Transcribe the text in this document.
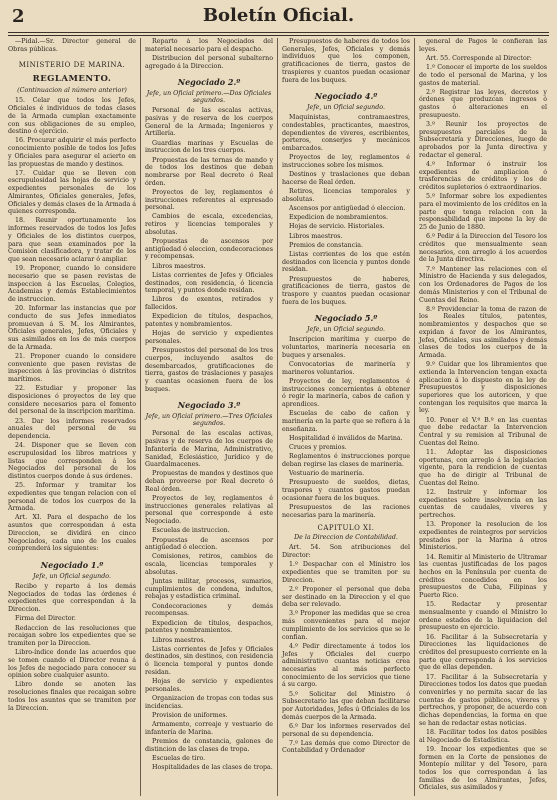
2	Boletín Oficial.

—Pidal.—Sr. Director general de Obras públicas.

MINISTERIO DE MARINA.
REGLAMENTO.
(Continuacion al número anterior)

15. Celar que todos los Jefes, Oficiales é individuos de todas clases de la Armada cumplan exactamente con sus obligaciones de su empleo, destino ó ejercicio.

16. Procurar adquirir el más perfecto conocimiento posible de todos los Jefes y Oficiales para asegurar el acierto en las propuestas de mando y destinos.

17. Cuidar que se lleven con escrupulosidad las hojas de servicio y expedientes personales de los Almirantes, Oficiales generales, Jefes, Oficiales y demás clases de la Armada á quienes corresponda.

18. Reunir oportunamente los informes reservados de todos los Jefes y Oficiales de los distintos cuerpos, para que sean examinados por la Comision clasificadora, y tratar de los que sean necesario aclarar ó ampliar.

19. Proponer, cuando lo considere necesario que se pasen revistas de inspeccion á las Escuelas, Colegios, Academias y demás Establecimientos de instruccion.

20. Informar las instancias que por conducto de sus Jefes inmediatos promuevan á S. M. los Almirantes, Oficiales generales, Jefes, Oficiales y sus asimilados en los de más cuerpos de la Armada.

21. Proponer cuando lo considere conveniente que pasen revistas de inspeccion á las provincias ó distritos marítimos.

22. Estudiar y proponer las disposiciones ó proyectos de ley que considere necesarios para el fomento del personal de la inscripcion marítima.

23. Dar los informes reservados anuales del personal de su dependencia.

24. Disponer que se lleven con escrupulosidad los libros matrices y listas que corresponden á los Negociados del personal de los distintos cuerpos donde á sus órdenes.

25. Informar y tramitar los expedientes que tengan relacion con el personal de todos los cuerpos de la Armada.

Art. XI. Para el despacho de los asuntos que correspondan á esta Direccion, se dividirá en cinco Negociados, cada uno de los cuales comprenderá los siguientes:

Negociado 1.º
Jefe, un Oficial segundo.

Recibo y reparto á los demás Negociados de todas las órdenes é expedientes que correspondan á la Direccion.

Firma del Director.

Redaccion de las resoluciones que recaigan sobre los expedientes que se tramiten por la Direccion.

Libro-índice donde las acuerdos que se tomen cuando el Director reuna á los Jefes de negociado para conocer su opinion sobre cualquier asunto.

Libro donde se anoten las resoluciones finales que recaigan sobre todos los asuntos que se tramiten por la Direccion.

Reparto á los Negociados del material necesario para el despacho.

Distribucion del personal subalterno agregado á la Direccion.

Negociado 2.º
Jefe, un Oficial primero.—Dos Oficiales segundos.

Personal de las escalas activas, pasivas y de reserva de los cuerpos General de la Armada; Ingenieros y Artillería.

Guardias marinas y Escuelas de instruccion de los tres cuerpos.

Propuestas de las ternas de mando y de todos los destinos que deban nombrarse por Real decreto ó Real órden.

Proyectos de ley, reglamentos é instrucciones referentes al expresado personal.

Cambios de escala, excedencias, retiros y licencias temporales y absolutas.

Propuestas de ascensos por antigüedad ó eleccion, condecoraciones y recompensas.

Libros maestros.

Listas corrientes de Jefes y Oficiales destinados, con residencia, ó licencia temporal, y puntos donde residan.

Libros de exentos, retirados y fallecidos.

Expedicion de títulos, despachos, patentes y nombramientos.

Hojas de servicio y expedientes personales.

Presupuestos del personal de los tres cuerpos, incluyendo asaltos de desembarcados, gratificaciones de tierra, gastos de traslaciones y pasajes y cuantas ocasionen fuera de los buques.

Negociado 3.º
Jefe, un Oficial primero.—Tres Oficiales segundos.

Personal de las escalas activas, pasivas y de reserva de los cuerpos de Infantería de Marina, Administrativo, Sanidad, Eclesiástico, Jurídico y de Guardalmacenes.

Propuestas de mandos y destinos que deban proveerse por Real decreto ó Real órden.

Proyectos de ley, reglamentos é instrucciones generales relativas al personal que corresponde á este Negociado.

Escuelas de instruccion.

Propuestas de ascensos por antigüedad ó eleccion.

Comisiones, retiros, cambios de escala, licencias temporales y absolutas.

Juntas militar, procesos, sumarios, cumplimientos de condena, indultos, rebajas y estadística criminal.

Condecoraciones y demás recompensas.

Expedicion de títulos, despachos, patentes y nombramientos.

Libros maestros.

Listas corrientes de Jefes y Oficiales destinados, sin destinos, con residencia ó licencia temporal y puntos donde residan.

Hojas de servicio y expedientes personales.

Organizacion de tropas con todas sus incidencias.

Provision de uniformes.

Armamento, correaje y vestuario de infantería de Marina.

Premios de constancia, galones de distincion de las clases de tropa.

Escuelas de tiro.

Hospitalidades de las clases de tropa.

Presupuestos de haberes de todos los Generales, Jefes, Oficiales y demás individuos que los componen, gratificaciones de tierra, gastos de traspieres y cuantos puedan ocasionar fuera de los buques.

Negociado 4.º
Jefe, un Oficial segundo.

Maquinistas, contramaestres, condestables, practicantes, maestros, dependientes de viveres, escribientes, porteros, conserjes y mecánicos embarcados.

Proyectos de ley, reglamentos é instrucciones sobre los mismos.

Destinos y traslaciones que deban hacerse de Real órden.

Retiros, licencias temporales y absolutas.

Ascensos por antigüedad ó eleccion.

Expedicion de nombramientos.

Hojas de servicio. Historiales.

Libros maestros.

Premios de constancia.

Listas corrientes de los que estén destinados con licencia y puntos donde residan.

Presupuestos de haberes, gratificaciones de tierra, gastos de traspore y cuantos puedan ocasionar fuera de los buques.

Negociado 5.º
Jefe, un Oficial segundo.

Inscripcion marítima y cuerpo de voluntarios, marinería necesaria en buques y arsenales.

Convocatorias de marinería y marineros voluntarios.

Proyectos de ley, reglamentos é instrucciones concernientes á obtener ó regir la marinería, cabos de cañon y aprendices.

Escuelas de cabo de cañon y marinería en la parte que se refiera á la enseñanza.

Hospitalidad é inválidos de Marina.

Cruces y premios.

Reglamentos é instrucciones porque deban regirse las clases de marinería.

Vestuario de marinería.

Presupuesto de sueldos, dietas, traspores y cuantos gastos puedan ocasionar fuera de los buques.

Presupuestos de las raciones necesarias para la marinería.

CAPITULO XI.
De la Direccion de Contabilidad.

Art. 54. Son atribuciones del Director:

1.º Despachar con el Ministro los expedientes que se tramiten por su Direccion.

2.º Proponer el personal que deba ser destinado en la Direccion y el que deba ser relevado.

3.º Proponer las medidas que se crea más convenientes para el mejor cumplimiento de los servicios que se le confian.

4.º Pedir directamente á todos los Jefes y Oficiales del cuerpo administrativo cuantas noticias crea necesarias al más perfecto conocimiento de los servicios que tiene á su cargo.

5.º Solicitar del Ministro ó Subsecretario las que deban facilitarse por Autoridades, Jefes ú Oficiales de los demás cuerpos de la Armada.

6.º Dar los informes reservados del personal de su dependencia.

7.º Las demás que como Director de Contabilidad y Ordenador

general de Pagos le confieran las leyes.

Art. 55. Corresponde al Director:

1.º Conocer el importe de los sueldos de todo el personal de Marina, y los gastos de material.

2.º Registrar las leyes, decretos y órdenes que produzcan ingresos ó gastos ó alteraciones en el presupuesto.

3.º Reunir los proyectos de presupuestos parciales de la Subsecretaría y Direcciones, luego de aprobados por la Junta directiva y redactar el general.

4.º Informar ó instruir los expedientes de ampliacion ó trasferencias de créditos y los de créditos supletorios ó extraordinarios.

5.º Informar sobre los expedientes para el movimiento de los créditos en la parte que tenga relacion con la responsabilidad que impone la ley de 25 de Junio de 1880.

6.º Pedir á la Direccion del Tesoro los créditos que mensualmente sean necesarios, con arreglo á los acuerdos de la Junta directiva.

7.º Mantener las relaciones con el Ministro de Hacienda y sus delegados, con los Ordenadores de Pagos de los demás Ministerios y con el Tribunal de Cuentas del Reino.

8.º Providenciar la toma de razon de los Reales títulos, patentes, nombramientos y despachos que se expidan á favor de los Almirantes, Jefes, Oficiales, sus asimilados y demás clases de todos los cuerpos de la Armada.

9.º Cuidar que los libramientos que extienda la Intervencion tengan exacta aplicacion á lo dispuesto en la ley de Presupuestos y disposiciones superiores que los autoricen, y que contengan los requisitos que marca la ley.

10. Poner el V.º B.º en las cuentas que debe redactar la Intervencion Central y su remision al Tribunal de Cuentas del Reino.

11. Adoptar las disposiciones oportunas, con arreglo á la legislacion vigente, para la rendicion de cuentas que ha de dirigir al Tribunal de Cuentas del Reino.

12. Instruir y informar los expedientes sobre insolvencia en las cuentas de caudales, viveres y pertrechos.

13. Proponer la resolucion de los expedientes de reintegros por servicios prestados por la Marina á otros Ministerios.

14. Remitir al Ministerio de Ultramar las cuentas justificadas de los pagos hechos en la Península por cuenta de créditos concedidos en los presupuestos de Cuba, Filipinas y Puerto Rico.

15. Redactar y presentar mensualmente y cuando el Ministro lo ordene estados de la liquidacion del presupuesto en ejercicio.

16. Facilitar á la Subsecretaría y Direcciones las liquidaciones de créditos del presupuesto corriente en la parte que corresponda á los servicios que de ellas dependen.

17. Facilitar á la Subsecretaría y Direcciones todos los datos que puedan convenirles y no permita sacar de las cuentas de gastos públicos, viveres y pertrechos, y proponer, de acuerdo con dichas dependencias, la forma en que se han de redactar estas noticias.

18. Facilitar todos los datos posibles al Negociado de Estadística.

19. Incoar los expedientes que se formen en la Corte de pensiones de Montepío militar y del Tesoro, para todos los que correspondan á las familias de los Almirantes, Jefes, Oficiales, sus asimilados y
